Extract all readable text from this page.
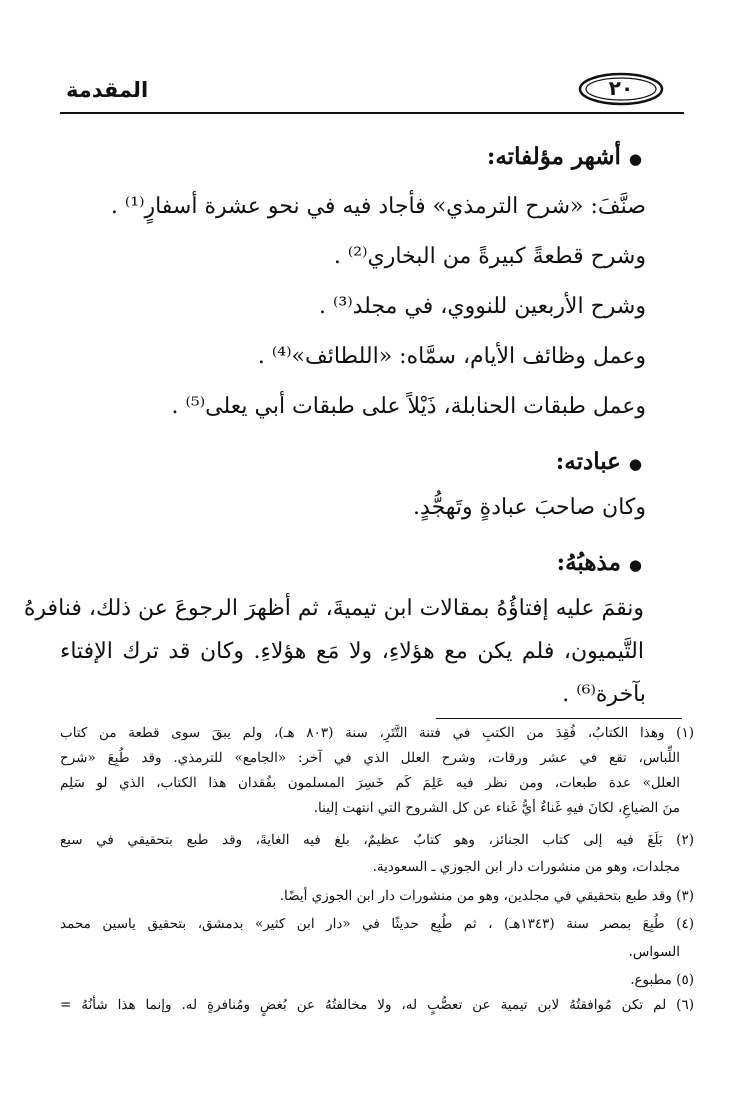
المقدمة	٢٠
●أشهر مؤلفاته:
صنَّفَ: «شرح الترمذي» فأجاد فيه في نحو عشرة أسفارٍ⁽¹⁾ .
وشرح قطعةً كبيرةً من البخاري⁽²⁾ .
وشرح الأربعين للنووي، في مجلد⁽³⁾ .
وعمل وظائف الأيام، سمَّاه: «اللطائف»⁽⁴⁾ .
وعمل طبقات الحنابلة، ذَيْلاً على طبقات أبي يعلى⁽⁵⁾ .
●عبادته:
وكان صاحبَ عبادةٍ وتَهجُّدٍ.
●مذهبُهُ:
ونقمَ عليه إفتاؤُهُ بمقالات ابن تيميةَ، ثم أظهرَ الرجوعَ عن ذلك، فنافرهُ
التَّيميون، فلم يكن مع هؤلاءِ، ولا مَع هؤلاءِ. وكان قد ترك الإفتاء
بآخرة⁽⁶⁾ .
(١) وهذا الكتابُ، فُقِدَ من الكتبِ في فتنة التَّتَرِ، سنة (٨٠٣ هـ)، ولم يبقَ سوى قطعة من كتاب
اللِّباس، تقع في عشر ورقات، وشرح العلل الذي في آخر: «الجامع» للترمذي. وقد طُبِعَ «شرح
العلل» عدة طبعات، ومن نظر فيه عَلِمَ كَم خَسِرَ المسلمون بفُقدان هذا الكتاب، الذي لو سَلِم
منَ الضياعِ، لكانَ فيهِ غَناءٌ أيُّ غَناء عن كل الشروح التي انتهت إلينا.
(٢) بَلَغَ فيه إلى كتاب الجنائز، وهو كتابٌ عظيمٌ، بلغ فيه الغايةَ، وقد طبع بتحقيقي في سبع
مجلدات، وهو من منشورات دار ابن الجوزي ـ السعودية.
(٣) وقد طبع بتحقيقي في مجلدين، وهو من منشورات دار ابن الجوزي أيضًا.
(٤) طُبِعَ بمصر سنة (١٣٤٣هـ) ، ثم طُبِع حديثًا في «دار ابن كثير» بدمشق، بتحقيق ياسين محمد
السواس.
(٥) مطبوع.
(٦) لم تكن مُوافقتُهُ لابن تيمية عن تعصُّبٍ له، ولا مخالفتُهُ عن بُغضٍ ومُنافرةٍ له. وإنما هذا شأنُهُ =
